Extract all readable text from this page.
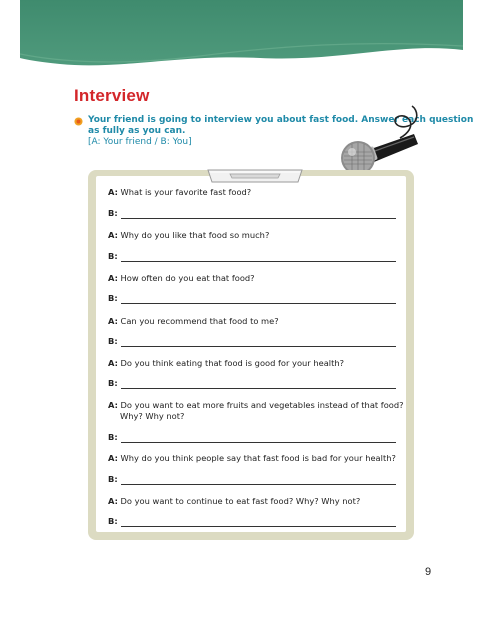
Interview
Your friend is going to interview you about fast food. Answer each question
as fully as you can.
[A: Your friend / B: You]
A: What is your favorite fast food?
B:
A: Why do you like that food so much?
B:
A: How often do you eat that food?
B:
A: Can you recommend that food to me?
B:
A: Do you think eating that food is good for your health?
B:
A: Do you want to eat more fruits and vegetables instead of that food?
Why? Why not?
B:
A: Why do you think people say that fast food is bad for your health?
B:
A: Do you want to continue to eat fast food? Why? Why not?
B:
9
